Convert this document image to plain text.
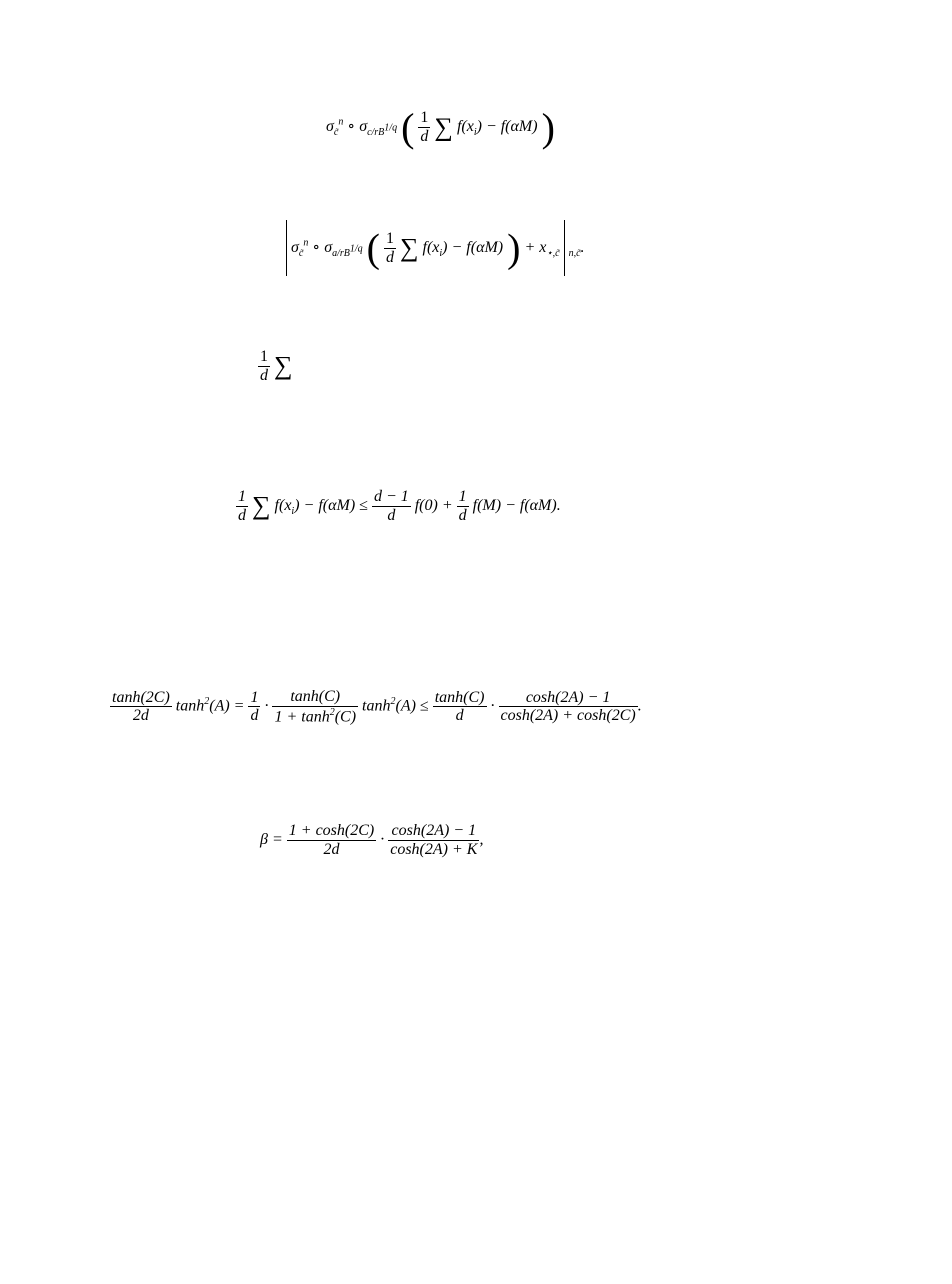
$\sigma_{c̃}^n$ ∘ $\sigma_{c/rB^{1/q}}$ ( $\frac{1}{d}$ ∑ $f(x_i) - f(\alpha M)$ )
$\sigma_{c̃}^n$ ∘ $\sigma_{a/rB^{1/q}}$ ( $\frac{1}{d}$ ∑ $f(x_i) - f(\alpha M)$ ) + $x_{⋆,c̃}$ $_{n,c̃}$.
$\frac{1}{d}$ ∑
$\frac{1}{d}$ ∑ $f(x_i) - f(\alpha M) \le \frac{d - 1}{d} f(0) + \frac{1}{d} f(M) - f(\alpha M)$.

$\frac{\tanh(2C)}{2d} \tanh^2(A) = \frac{1}{d} \cdot \frac{\tanh(C)}{1 + \tanh^2(C)} \tanh^2(A) \le \frac{\tanh(C)}{d} \cdot \frac{\cosh(2A) - 1}{\cosh(2A) + \cosh(2C)}$ .
$\beta = \frac{1 + \cosh(2C)}{2d} \cdot \frac{\cosh(2A) - 1}{\cosh(2A) + K}$ ,
